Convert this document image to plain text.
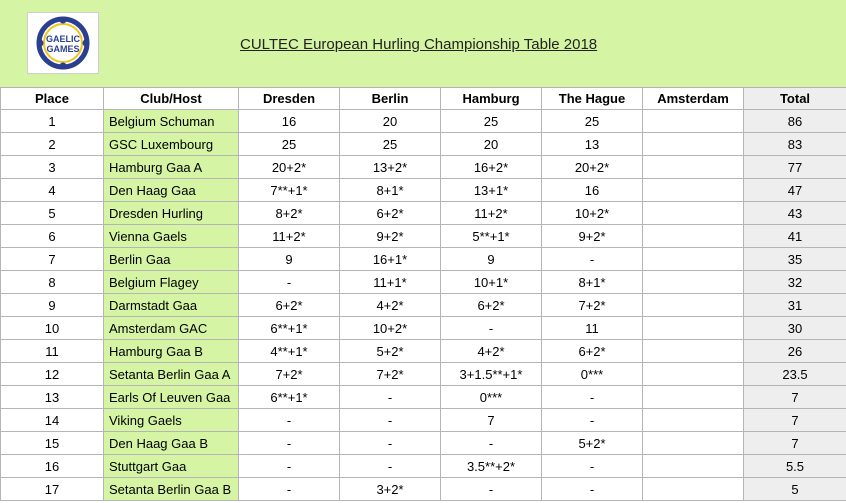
GAELIC
GAMES	CULTEC European Hurling Championship Table 2018
Place	Club/Host	Dresden	Berlin	Hamburg	The Hague	Amsterdam	Total
1	Belgium Schuman	16	20	25	25		86
2	GSC Luxembourg	25	25	20	13		83
3	Hamburg Gaa A	20+2*	13+2*	16+2*	20+2*		77
4	Den Haag Gaa	7**+1*	8+1*	13+1*	16		47
5	Dresden Hurling	8+2*	6+2*	11+2*	10+2*		43
6	Vienna Gaels	11+2*	9+2*	5**+1*	9+2*		41
7	Berlin Gaa	9	16+1*	9	-		35
8	Belgium Flagey	-	11+1*	10+1*	8+1*		32
9	Darmstadt Gaa	6+2*	4+2*	6+2*	7+2*		31
10	Amsterdam GAC	6**+1*	10+2*	-	11		30
11	Hamburg Gaa B	4**+1*	5+2*	4+2*	6+2*		26
12	Setanta Berlin Gaa A	7+2*	7+2*	3+1.5**+1*	0***		23.5
13	Earls Of Leuven Gaa	6**+1*	-	0***	-		7
14	Viking Gaels	-	-	7	-		7
15	Den Haag Gaa B	-	-	-	5+2*		7
16	Stuttgart Gaa	-	-	3.5**+2*	-		5.5
17	Setanta Berlin Gaa B	-	3+2*	-	-		5
